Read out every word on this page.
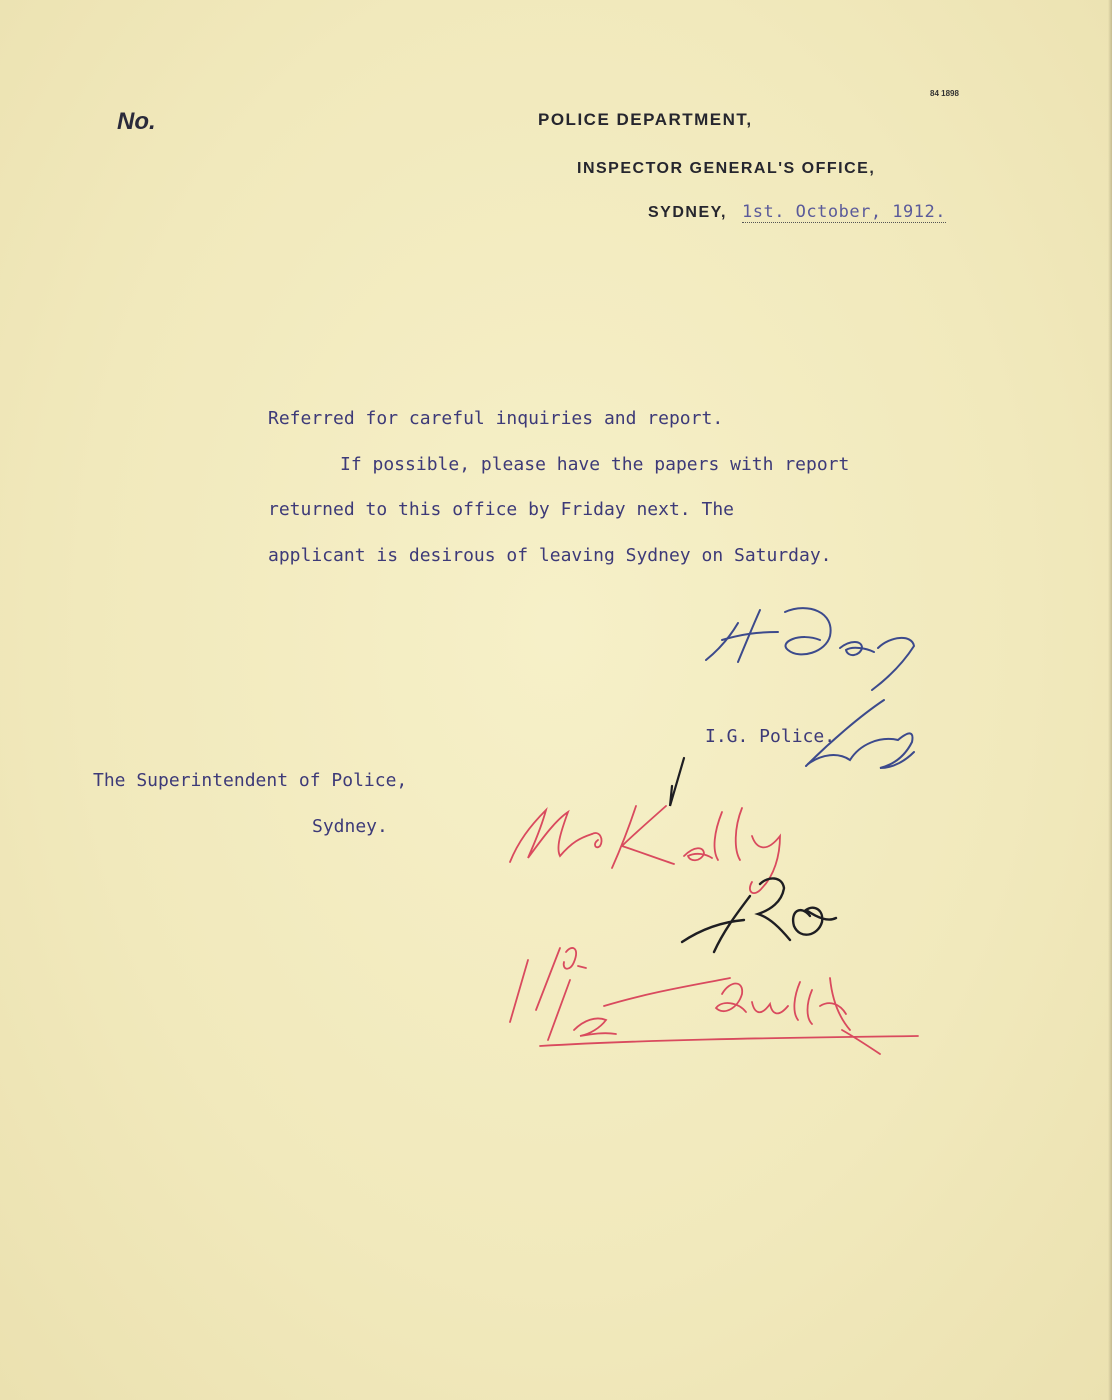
No.
84 1898
POLICE DEPARTMENT,
INSPECTOR GENERAL'S OFFICE,
SYDNEY, 1st. October, 1912.
Referred for careful inquiries and report.
If possible, please have the papers with report
returned to this office by Friday next. The
applicant is desirous of leaving Sydney on Saturday.
I.G. Police.
The Superintendent of Police,
Sydney.
